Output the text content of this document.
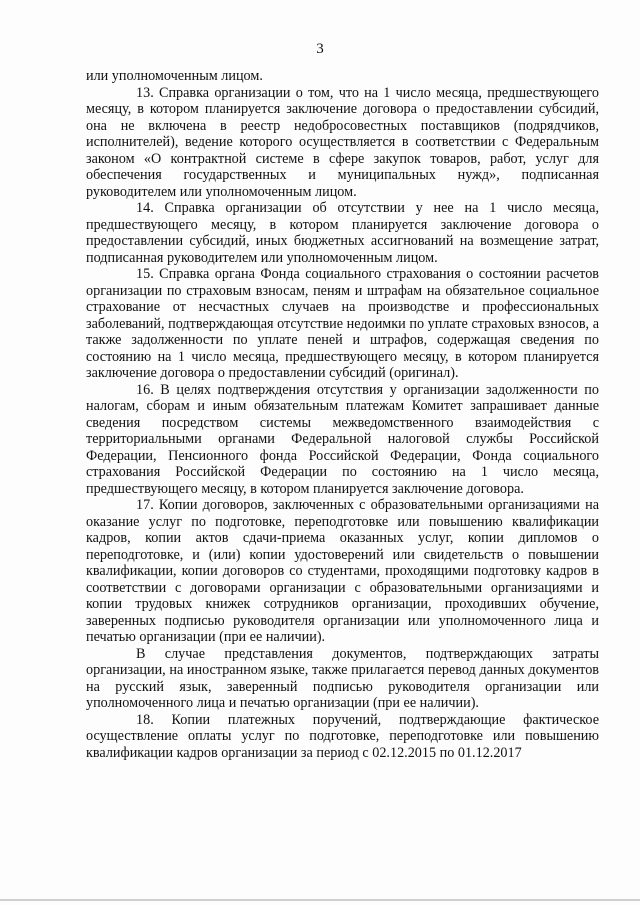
3

или уполномоченным лицом.

13. Справка организации о том, что на 1 число месяца, предшествующего месяцу, в котором планируется заключение договора о предоставлении субсидий, она не включена в реестр недобросовестных поставщиков (подрядчиков, исполнителей), ведение которого осуществляется в соответствии с Федеральным законом «О контрактной системе в сфере закупок товаров, работ, услуг для обеспечения государственных и муниципальных нужд», подписанная руководителем или уполномоченным лицом.

14. Справка организации об отсутствии у нее на 1 число месяца, предшествующего месяцу, в котором планируется заключение договора о предоставлении субсидий, иных бюджетных ассигнований на возмещение затрат, подписанная руководителем или уполномоченным лицом.

15. Справка органа Фонда социального страхования о состоянии расчетов организации по страховым взносам, пеням и штрафам на обязательное социальное страхование от несчастных случаев на производстве и профессиональных заболеваний, подтверждающая отсутствие недоимки по уплате страховых взносов, а также задолженности по уплате пеней и штрафов, содержащая сведения по состоянию на 1 число месяца, предшествующего месяцу, в котором планируется заключение договора о предоставлении субсидий (оригинал).

16. В целях подтверждения отсутствия у организации задолженности по налогам, сборам и иным обязательным платежам Комитет запрашивает данные сведения посредством системы межведомственного взаимодействия с территориальными органами Федеральной налоговой службы Российской Федерации, Пенсионного фонда Российской Федерации, Фонда социального страхования Российской Федерации по состоянию на 1 число месяца, предшествующего месяцу, в котором планируется заключение договора.

17. Копии договоров, заключенных с образовательными организациями на оказание услуг по подготовке, переподготовке или повышению квалификации кадров, копии актов сдачи-приема оказанных услуг, копии дипломов о переподготовке, и (или) копии удостоверений или свидетельств о повышении квалификации, копии договоров со студентами, проходящими подготовку кадров в соответствии с договорами организации с образовательными организациями и копии трудовых книжек сотрудников организации, проходивших обучение, заверенных подписью руководителя организации или уполномоченного лица и печатью организации (при ее наличии).

В случае представления документов, подтверждающих затраты организации, на иностранном языке, также прилагается перевод данных документов на русский язык, заверенный подписью руководителя организации или уполномоченного лица и печатью организации (при ее наличии).

18. Копии платежных поручений, подтверждающие фактическое осуществление оплаты услуг по подготовке, переподготовке или повышению квалификации кадров организации за период с 02.12.2015 по 01.12.2017
